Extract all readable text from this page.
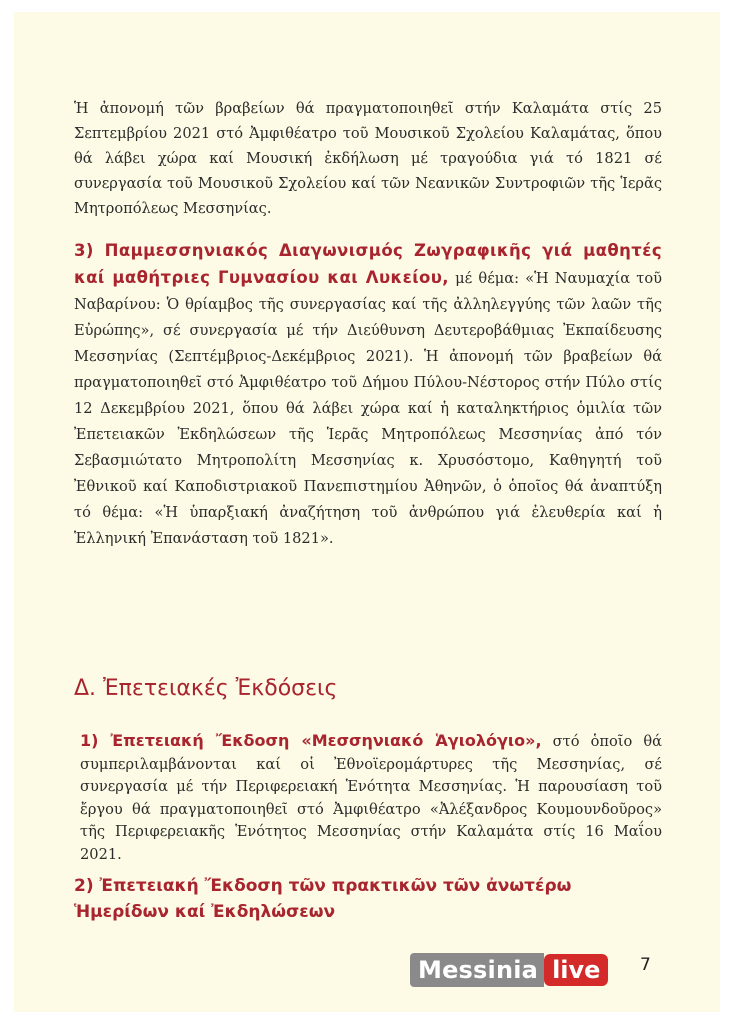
Ἡ ἀπονομή τῶν βραβείων θά πραγματοποιηθεῖ στήν Καλαμάτα στίς 25 Σεπτεμβρίου 2021 στό Ἀμφιθέατρο τοῦ Μουσικοῦ Σχολείου Καλαμάτας, ὅπου θά λάβει χώρα καί Μουσική ἐκδήλωση μέ τραγούδια γιά τό 1821 σέ συνεργασία τοῦ Μουσικοῦ Σχολείου καί τῶν Νεανικῶν Συντροφιῶν τῆς Ἱερᾶς Μητροπόλεως Μεσσηνίας.

3) Παμμεσσηνιακός Διαγωνισμός Ζωγραφικῆς γιά μαθητές καί μαθήτριες Γυμνασίου και Λυκείου, μέ θέμα: «Ἡ Ναυμαχία τοῦ Ναβαρίνου: Ὁ θρίαμβος τῆς συνεργασίας καί τῆς ἀλληλεγγύης τῶν λαῶν τῆς Εὐρώπης», σέ συνεργασία μέ τήν Διεύθυνση Δευτεροβάθμιας Ἐκπαίδευσης Μεσσηνίας (Σεπτέμβριος-Δεκέμβριος 2021). Ἡ ἀπονομή τῶν βραβείων θά πραγματοποιηθεῖ στό Ἀμφιθέατρο τοῦ Δήμου Πύλου-Νέστορος στήν Πύλο στίς 12 Δεκεμβρίου 2021, ὅπου θά λάβει χώρα καί ἡ καταληκτήριος ὁμιλία τῶν Ἐπετειακῶν Ἐκδηλώσεων τῆς Ἱερᾶς Μητροπόλεως Μεσσηνίας ἀπό τόν Σεβασμιώτατο Μητροπολίτη Μεσσηνίας κ. Χρυσόστομο, Καθηγητή τοῦ Ἐθνικοῦ καί Καποδιστριακοῦ Πανεπιστημίου Ἀθηνῶν, ὁ ὁποῖος θά ἀναπτύξη τό θέμα: «Ἡ ὑπαρξιακή ἀναζήτηση τοῦ ἀνθρώπου γιά ἐλευθερία καί ἡ Ἑλληνική Ἐπανάσταση τοῦ 1821».

Δ. Ἐπετειακές Ἐκδόσεις

1) Ἐπετειακή Ἔκδοση «Μεσσηνιακό Ἁγιολόγιο», στό ὁποῖο θά συμπεριλαμβάνονται καί οἱ Ἐθνοϊερομάρτυρες τῆς Μεσσηνίας, σέ συνεργασία μέ τήν Περιφερειακή Ἑνότητα Μεσσηνίας. Ἡ παρουσίαση τοῦ ἔργου θά πραγματοποιηθεῖ στό Ἀμφιθέατρο «Ἀλέξανδρος Κουμουνδοῦρος» τῆς Περιφερειακῆς Ἑνότητος Μεσσηνίας στήν Καλαμάτα στίς 16 Μαΐου 2021.

2) Ἐπετειακή Ἔκδοση τῶν πρακτικῶν τῶν ἀνωτέρω Ἡμερίδων καί Ἐκδηλώσεων
Messinia live	7
